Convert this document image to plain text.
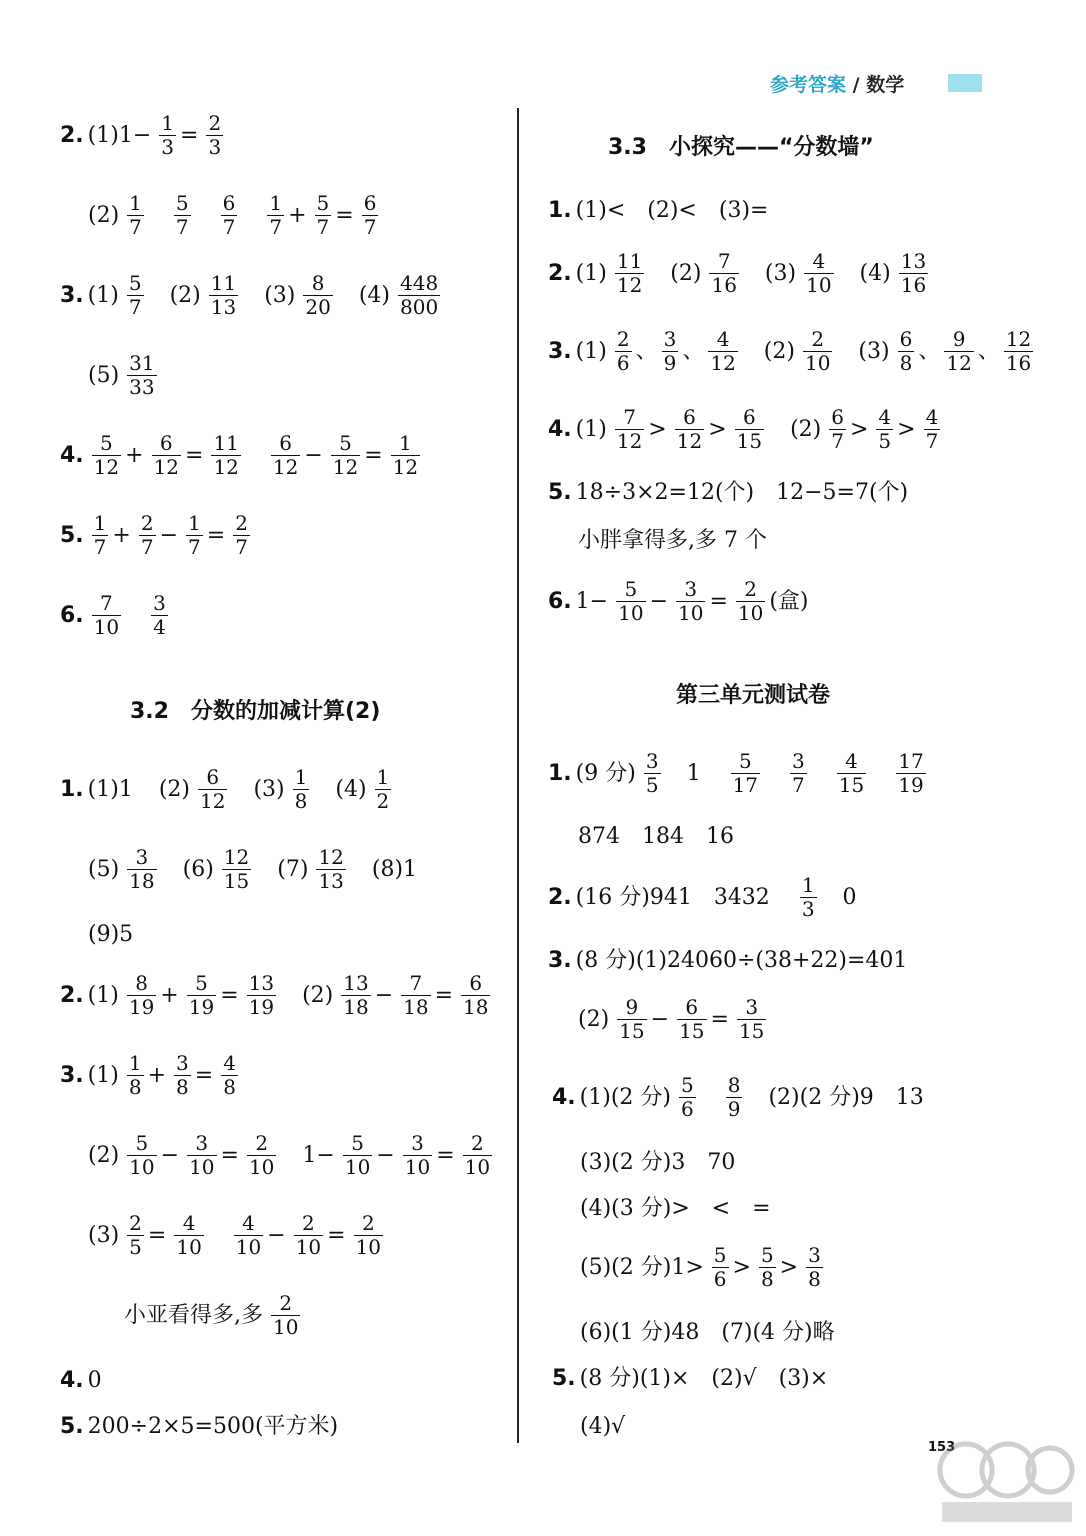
参考答案 / 数学
2. $(1)1- \frac{1}{3} = \frac{2}{3}$
$(2) \frac{1}{7} \frac{5}{7} \frac{6}{7} \frac{1}{7} + \frac{5}{7} = \frac{6}{7}$
3. $(1) \frac{5}{7} (2) \frac{11}{13} (3) \frac{8}{20} (4) \frac{448}{800}$
$(5) \frac{31}{33}$
4. $\frac{5}{12} + \frac{6}{12} = \frac{11}{12} \frac{6}{12} - \frac{5}{12} = \frac{1}{12}$
5. $\frac{1}{7} + \frac{2}{7} - \frac{1}{7} = \frac{2}{7}$
6. $\frac{7}{10} \frac{3}{4}$
3.2　分数的加减计算(2)
1. (1)1 $(2) \frac{6}{12} (3) \frac{1}{8} (4) \frac{1}{2}$
$(5) \frac{3}{18} (6) \frac{12}{15} (7) \frac{12}{13} (8)1$
(9)5
2. $(1) \frac{8}{19} + \frac{5}{19} = \frac{13}{19} (2) \frac{13}{18} - \frac{7}{18} = \frac{6}{18}$
3. $(1) \frac{1}{8} + \frac{3}{8} = \frac{4}{8}$
$(2) \frac{5}{10} - \frac{3}{10} = \frac{2}{10} 1- \frac{5}{10} - \frac{3}{10} = \frac{2}{10}$
$(3) \frac{2}{5} = \frac{4}{10} \frac{4}{10} - \frac{2}{10} = \frac{2}{10}$
小亚看得多,多 $\frac{2}{10}$
4. 0
5. 200÷2×5=500(平方米)
3.3　小探究——“分数墙”
1. (1)<　(2)<　(3)=
2. $(1) \frac{11}{12} (2) \frac{7}{16} (3) \frac{4}{10} (4) \frac{13}{16}$
3. $(1) \frac{2}{6}$ 、 $\frac{3}{9}$ 、 $\frac{4}{12} (2) \frac{2}{10} (3) \frac{6}{8}$ 、 $\frac{9}{12}$ 、 $\frac{12}{16}$
4. $(1) \frac{7}{12} > \frac{6}{12} > \frac{6}{15} (2) \frac{6}{7} > \frac{4}{5} > \frac{4}{7}$
5. 18÷3×2=12(个)　12−5=7(个)
小胖拿得多,多 7 个
6. $1- \frac{5}{10} - \frac{3}{10} = \frac{2}{10}$ (盒)
第三单元测试卷
1. (9 分) $\frac{3}{5} 1 \frac{5}{17} \frac{3}{7} \frac{4}{15} \frac{17}{19}$
874　184　16
2. (16 分)941　$3432 \frac{1}{3} 0$
3. (8 分)(1)24060÷(38+22)=401
$(2) \frac{9}{15} - \frac{6}{15} = \frac{3}{15}$
4. (1)(2 分) $\frac{5}{6} \frac{8}{9} (2)(2$ 分)9　13
(3)(2 分)3　70
(4)(3 分)>　<　=
(5)(2 分)$1> \frac{5}{6} > \frac{5}{8} > \frac{3}{8}$
(6)(1 分)48　(7)(4 分)略
5. (8 分)(1)×　(2)√　(3)×
(4)√
153
